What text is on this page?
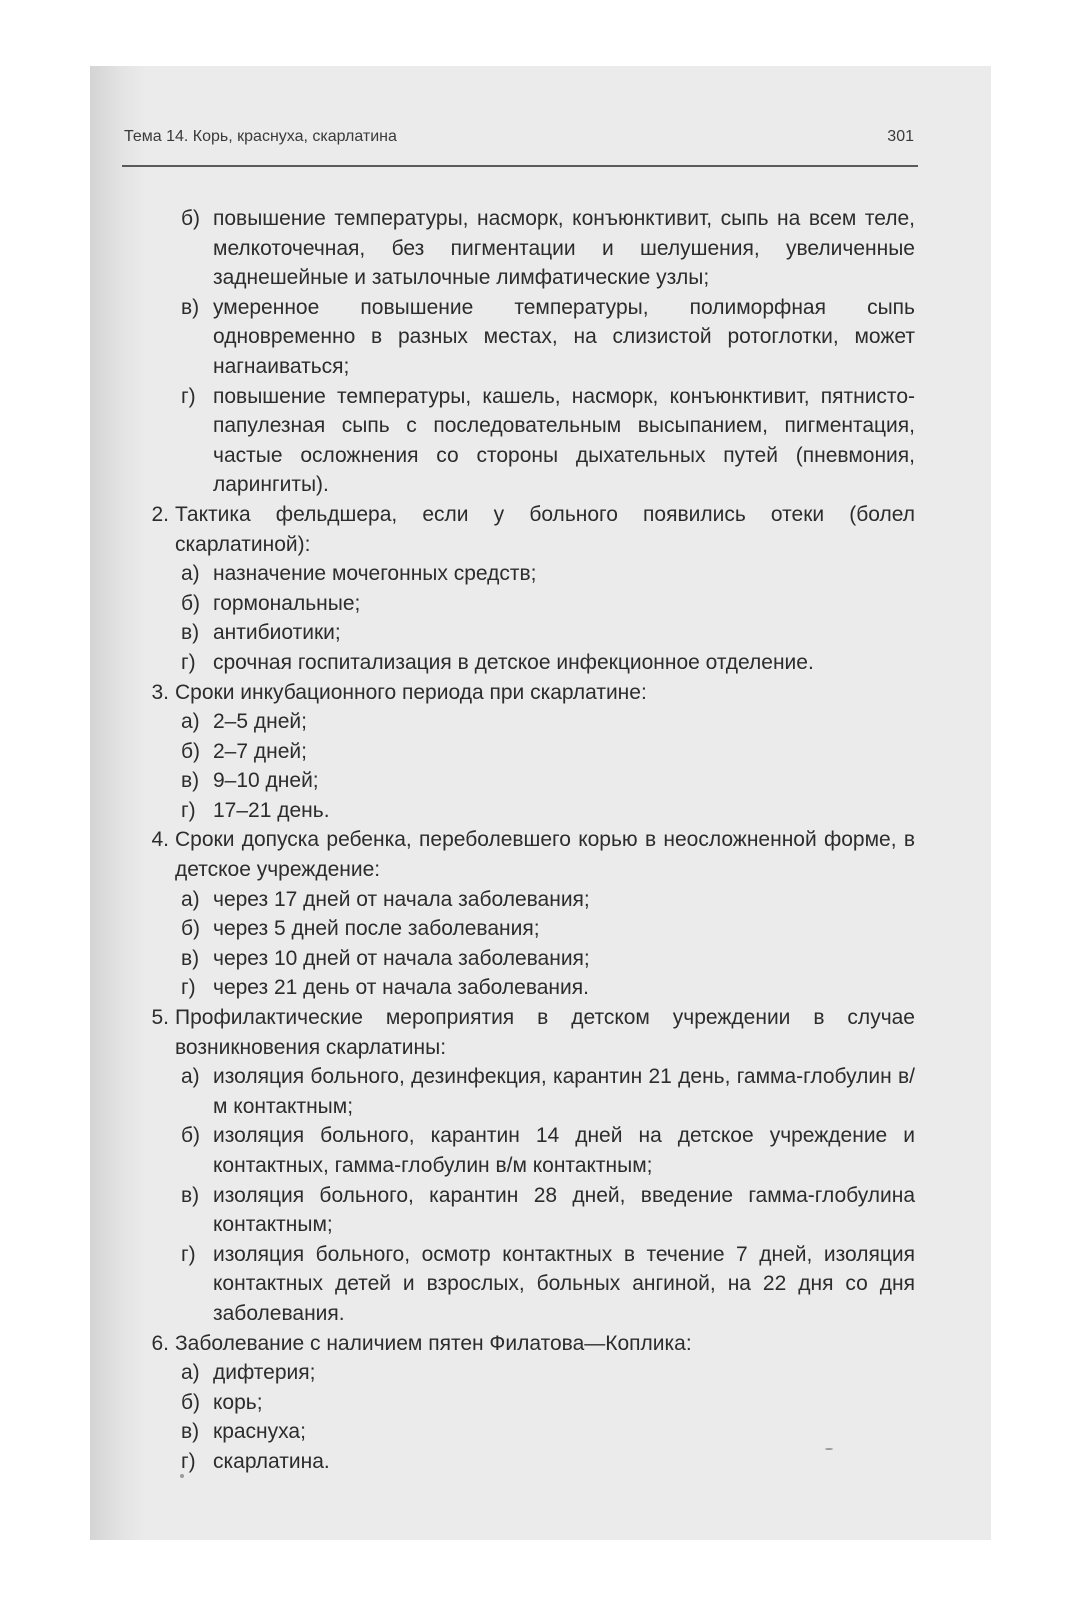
Тема 14. Корь, краснуха, скарлатина	301
б) повышение температуры, насморк, конъюнктивит, сыпь на всем теле, мелкоточечная, без пигментации и шелушения, увеличенные заднешейные и затылочные лимфатические узлы;
в) умеренное повышение температуры, полиморфная сыпь одновременно в разных местах, на слизистой ротоглотки, может нагнаиваться;
г) повышение температуры, кашель, насморк, конъюнктивит, пятнисто-папулезная сыпь с последовательным высыпанием, пигментация, частые осложнения со стороны дыхательных путей (пневмония, ларингиты).
2. Тактика фельдшера, если у больного появились отеки (болел скарлатиной):
а) назначение мочегонных средств;
б) гормональные;
в) антибиотики;
г) срочная госпитализация в детское инфекционное отделение.
3. Сроки инкубационного периода при скарлатине:
а) 2–5 дней;
б) 2–7 дней;
в) 9–10 дней;
г) 17–21 день.
4. Сроки допуска ребенка, переболевшего корью в неосложненной форме, в детское учреждение:
а) через 17 дней от начала заболевания;
б) через 5 дней после заболевания;
в) через 10 дней от начала заболевания;
г) через 21 день от начала заболевания.
5. Профилактические мероприятия в детском учреждении в случае возникновения скарлатины:
а) изоляция больного, дезинфекция, карантин 21 день, гамма-глобулин в/м контактным;
б) изоляция больного, карантин 14 дней на детское учреждение и контактных, гамма-глобулин в/м контактным;
в) изоляция больного, карантин 28 дней, введение гамма-глобулина контактным;
г) изоляция больного, осмотр контактных в течение 7 дней, изоляция контактных детей и взрослых, больных ангиной, на 22 дня со дня заболевания.
6. Заболевание с наличием пятен Филатова—Коплика:
а) дифтерия;
б) корь;
в) краснуха;
г) скарлатина.
